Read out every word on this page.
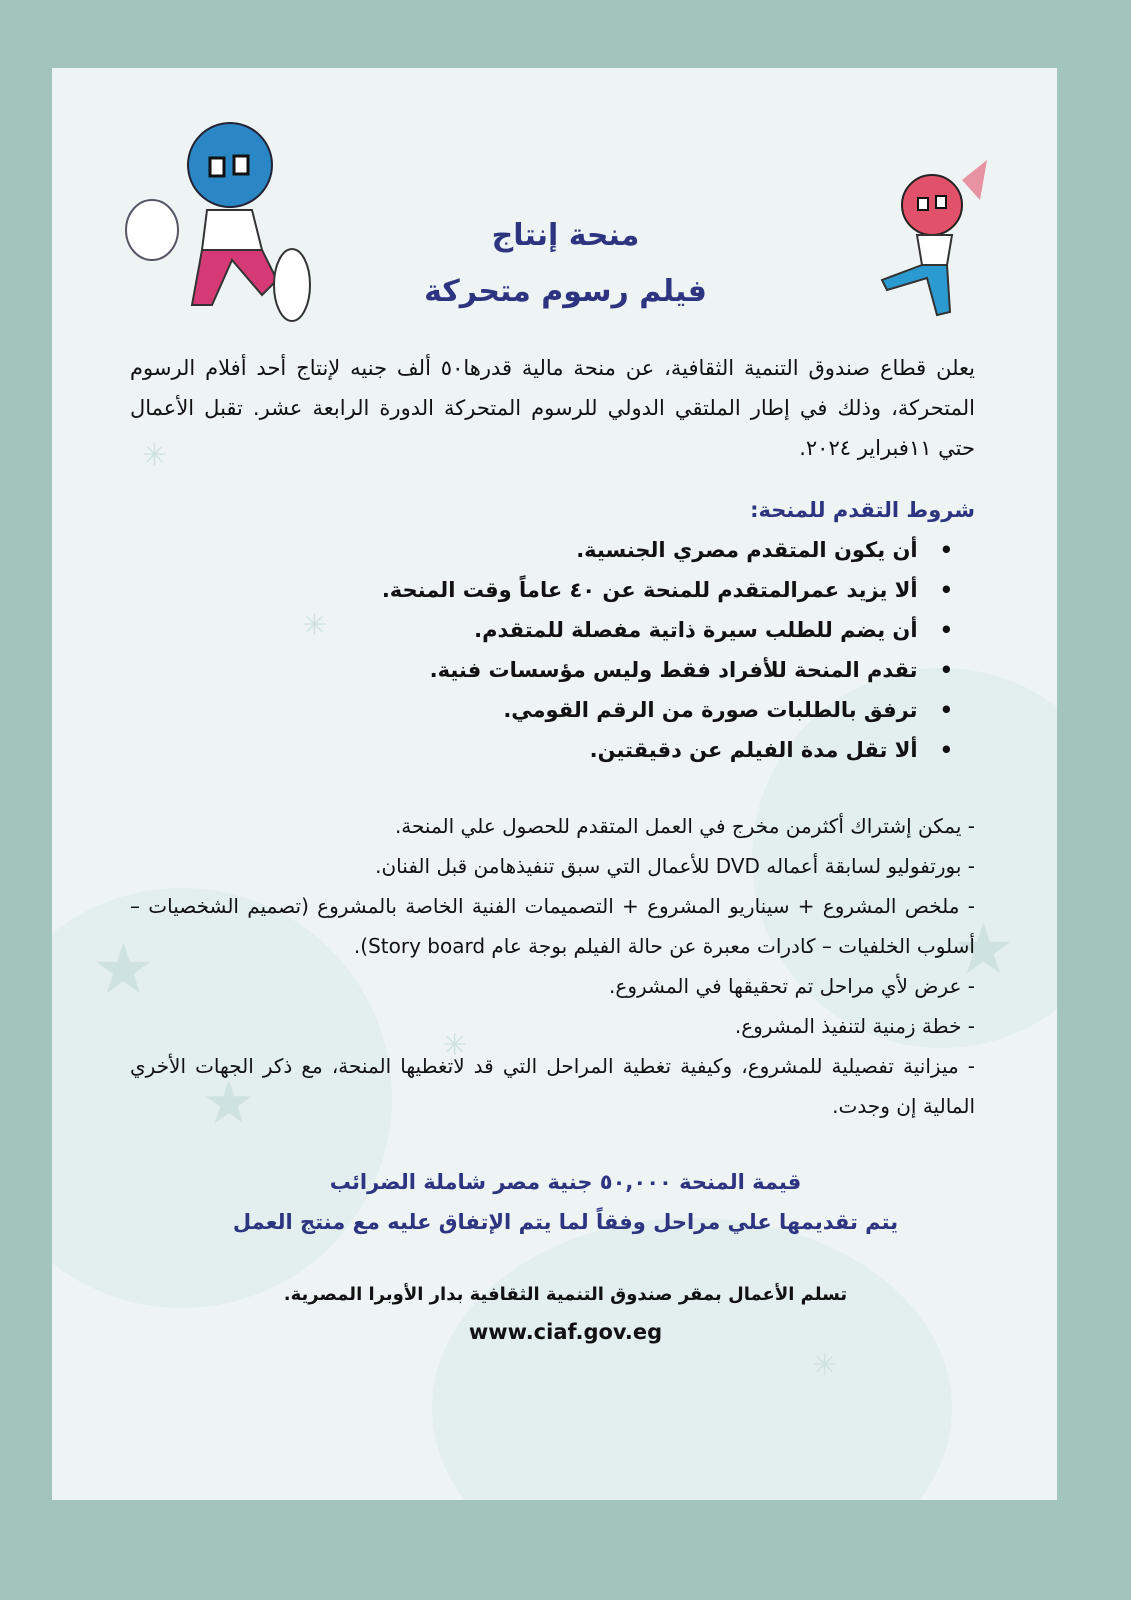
✳
✳
★	★
★
✳
✳
منحة إنتاج
فيلم رسوم متحركة
يعلن قطاع صندوق التنمية الثقافية، عن منحة مالية قدرها٥٠ ألف جنيه لإنتاج أحد أفلام الرسوم المتحركة، وذلك في إطار الملتقي الدولي للرسوم المتحركة الدورة الرابعة عشر. تقبل الأعمال حتي ١١فبراير ٢٠٢٤.
شروط التقدم للمنحة:
• أن يكون المتقدم مصري الجنسية.
• ألا يزيد عمرالمتقدم للمنحة عن ٤٠ عاماً وقت المنحة.
• أن يضم للطلب سيرة ذاتية مفصلة للمتقدم.
• تقدم المنحة للأفراد فقط وليس مؤسسات فنية.
• ترفق بالطلبات صورة من الرقم القومي.
• ألا تقل مدة الفيلم عن دقيقتين.
- يمكن إشتراك أكثرمن مخرج في العمل المتقدم للحصول علي المنحة.
- بورتفوليو لسابقة أعماله DVD للأعمال التي سبق تنفيذهامن قبل الفنان.
- ملخص المشروع + سيناريو المشروع + التصميمات الفنية الخاصة بالمشروع (تصميم الشخصيات – أسلوب الخلفيات – كادرات معبرة عن حالة الفيلم بوجة عام Story board).
- عرض لأي مراحل تم تحقيقها في المشروع.
- خطة زمنية لتنفيذ المشروع.
- ميزانية تفصيلية للمشروع، وكيفية تغطية المراحل التي قد لاتغطيها المنحة، مع ذكر الجهات الأخري المالية إن وجدت.
قيمة المنحة ٥٠,٠٠٠ جنية مصر شاملة الضرائب
يتم تقديمها علي مراحل وفقاً لما يتم الإتفاق عليه مع منتج العمل
تسلم الأعمال بمقر صندوق التنمية الثقافية بدار الأوبرا المصرية.
www.ciaf.gov.eg
